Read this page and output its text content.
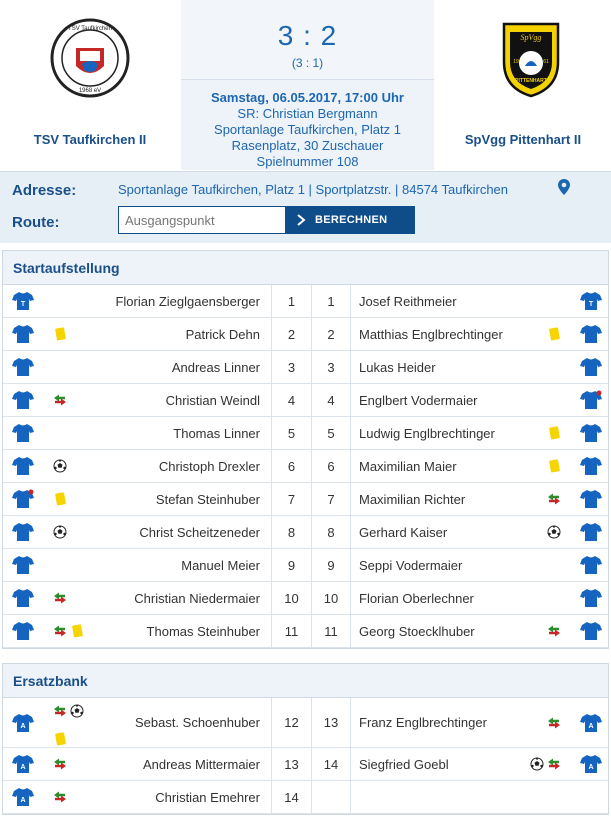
TSV Taufkirchen
1968 eV
TSV Taufkirchen II
3 : 2
(3 : 1)
Samstag, 06.05.2017, 17:00 Uhr
SR: Christian Bergmann
Sportanlage Taufkirchen, Platz 1
Rasenplatz, 30 Zuschauer
Spielnummer 108
SpVgg
19	61
PITTENHART
SpVgg Pittenhart II
Adresse:	Sportanlage Taufkirchen, Platz 1 | Sportplatzstr. | 84574 Taufkirchen
Route:
Ausgangspunkt	BERECHNEN
Startaufstellung
T	Florian Zieglgaensberger	1	1	Josef Reithmeier	T
Patrick Dehn	2	2	Matthias Englbrechtinger
Andreas Linner	3	3	Lukas Heider
Christian Weindl	4	4	Englbert Vodermaier
Thomas Linner	5	5	Ludwig Englbrechtinger
Christoph Drexler	6	6	Maximilian Maier
Stefan Steinhuber	7	7	Maximilian Richter
Christ Scheitzeneder	8	8	Gerhard Kaiser
Manuel Meier	9	9	Seppi Vodermaier
Christian Niedermaier	10	10	Florian Oberlechner
Thomas Steinhuber	11	11	Georg Stoecklhuber
Ersatzbank
A	Sebast. Schoenhuber	12	13	Franz Englbrechtinger	A
A	Andreas Mittermaier	13	14	Siegfried Goebl	A
A	Christian Emehrer	14
